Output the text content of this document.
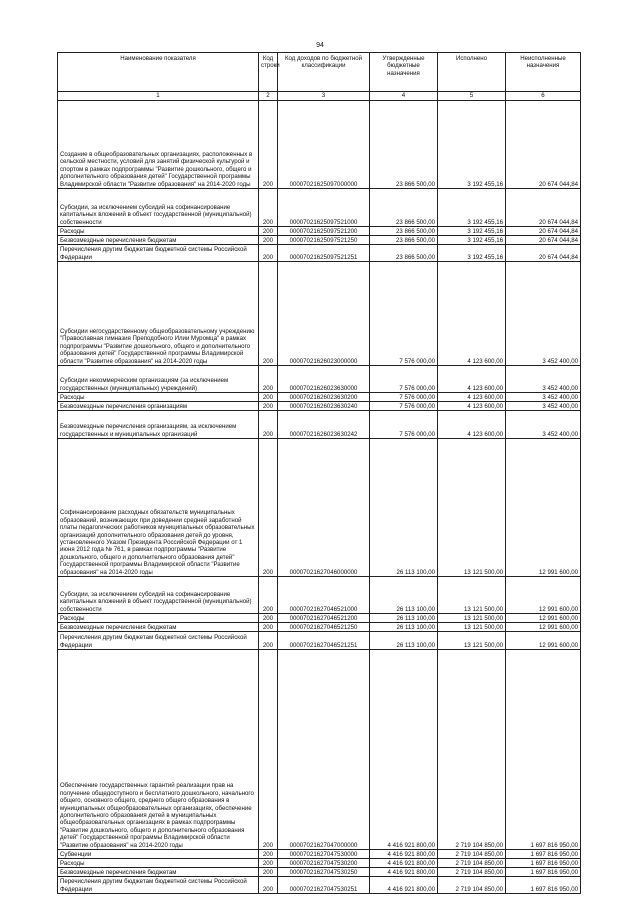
94
Наименование показателя	Код строки	Код доходов по бюджетной классификации	Утвержденные бюджетные назначения	Исполнено	Неисполненные назначения
1	2	3	4	5	6
Создание в общеобразовательных организациях, расположенных в сельской местности, условий для занятий физической культурой и спортом в рамках подпрограммы "Развитие дошкольного, общего и дополнительного образования детей" Государственной программы Владимирской области "Развитие образования" на 2014-2020 годы	200	00007021625097000000	23 866 500,00	3 192 455,16	20 674 044,84
Субсидии, за исключением субсидий на софинансирование капитальных вложений в объект государственной (муниципальной) собственности	200	00007021625097521000	23 866 500,00	3 192 455,16	20 674 044,84
Расходы	200	00007021625097521200	23 866 500,00	3 192 455,16	20 674 044,84
Безвозмездные перечисления бюджетам	200	00007021625097521250	23 866 500,00	3 192 455,16	20 674 044,84
Перечисления другим бюджетам бюджетной системы Российской Федерации	200	00007021625097521251	23 866 500,00	3 192 455,16	20 674 044,84
Субсидии негосударственному общеобразовательному учреждению "Православная гимназия Преподобного Илии Муромца" в рамках подпрограммы "Развитие дошкольного, общего и дополнительного образования детей" Государственной программы Владимирской области "Развитие образования" на 2014-2020 годы	200	00007021626023000000	7 576 000,00	4 123 600,00	3 452 400,00
Субсидии некоммерческим организациям (за исключением государственных (муниципальных) учреждений)	200	00007021626023630000	7 576 000,00	4 123 600,00	3 452 400,00
Расходы	200	00007021626023630200	7 576 000,00	4 123 600,00	3 452 400,00
Безвозмездные перечисления организациям	200	00007021626023630240	7 576 000,00	4 123 600,00	3 452 400,00
Безвозмездные перечисления организациям, за исключением государственных и муниципальных организаций	200	00007021626023630242	7 576 000,00	4 123 600,00	3 452 400,00
Софинансирование расходных обязательств муниципальных образований, возникающих при доведении средней заработной платы педагогических работников муниципальных образовательных организаций дополнительного образования детей до уровня, установленного Указом Президента Российской Федерации от 1 июня 2012 года № 761, в рамках подпрограммы "Развитие дошкольного, общего и дополнительного образования детей" Государственной программы Владимирской области "Развитие образования" на 2014-2020 годы	200	00007021627046000000	26 113 100,00	13 121 500,00	12 991 600,00
Субсидии, за исключением субсидий на софинансирование капитальных вложений в объект государственной (муниципальной) собственности	200	00007021627046521000	26 113 100,00	13 121 500,00	12 991 600,00
Расходы	200	00007021627046521200	26 113 100,00	13 121 500,00	12 991 600,00
Безвозмездные перечисления бюджетам	200	00007021627046521250	26 113 100,00	13 121 500,00	12 991 600,00
Перечисления другим бюджетам бюджетной системы Российской Федерации	200	00007021627046521251	26 113 100,00	13 121 500,00	12 991 600,00
Обеспечение государственных гарантий реализации прав на получение общедоступного и бесплатного дошкольного, начального общего, основного общего, среднего общего образования в муниципальных общеобразовательных организациях, обеспечение дополнительного образования детей в муниципальных общеобразовательных организациях в рамках подпрограммы "Развитие дошкольного, общего и дополнительного образования детей" Государственной программы Владимирской области "Развитие образования" на 2014-2020 годы	200	00007021627047000000	4 416 921 800,00	2 719 104 850,00	1 697 816 950,00
Субвенции	200	00007021627047530000	4 416 921 800,00	2 719 104 850,00	1 697 816 950,00
Расходы	200	00007021627047530200	4 416 921 800,00	2 719 104 850,00	1 697 816 950,00
Безвозмездные перечисления бюджетам	200	00007021627047530250	4 416 921 800,00	2 719 104 850,00	1 697 816 950,00
Перечисления другим бюджетам бюджетной системы Российской Федерации	200	00007021627047530251	4 416 921 800,00	2 719 104 850,00	1 697 816 950,00
